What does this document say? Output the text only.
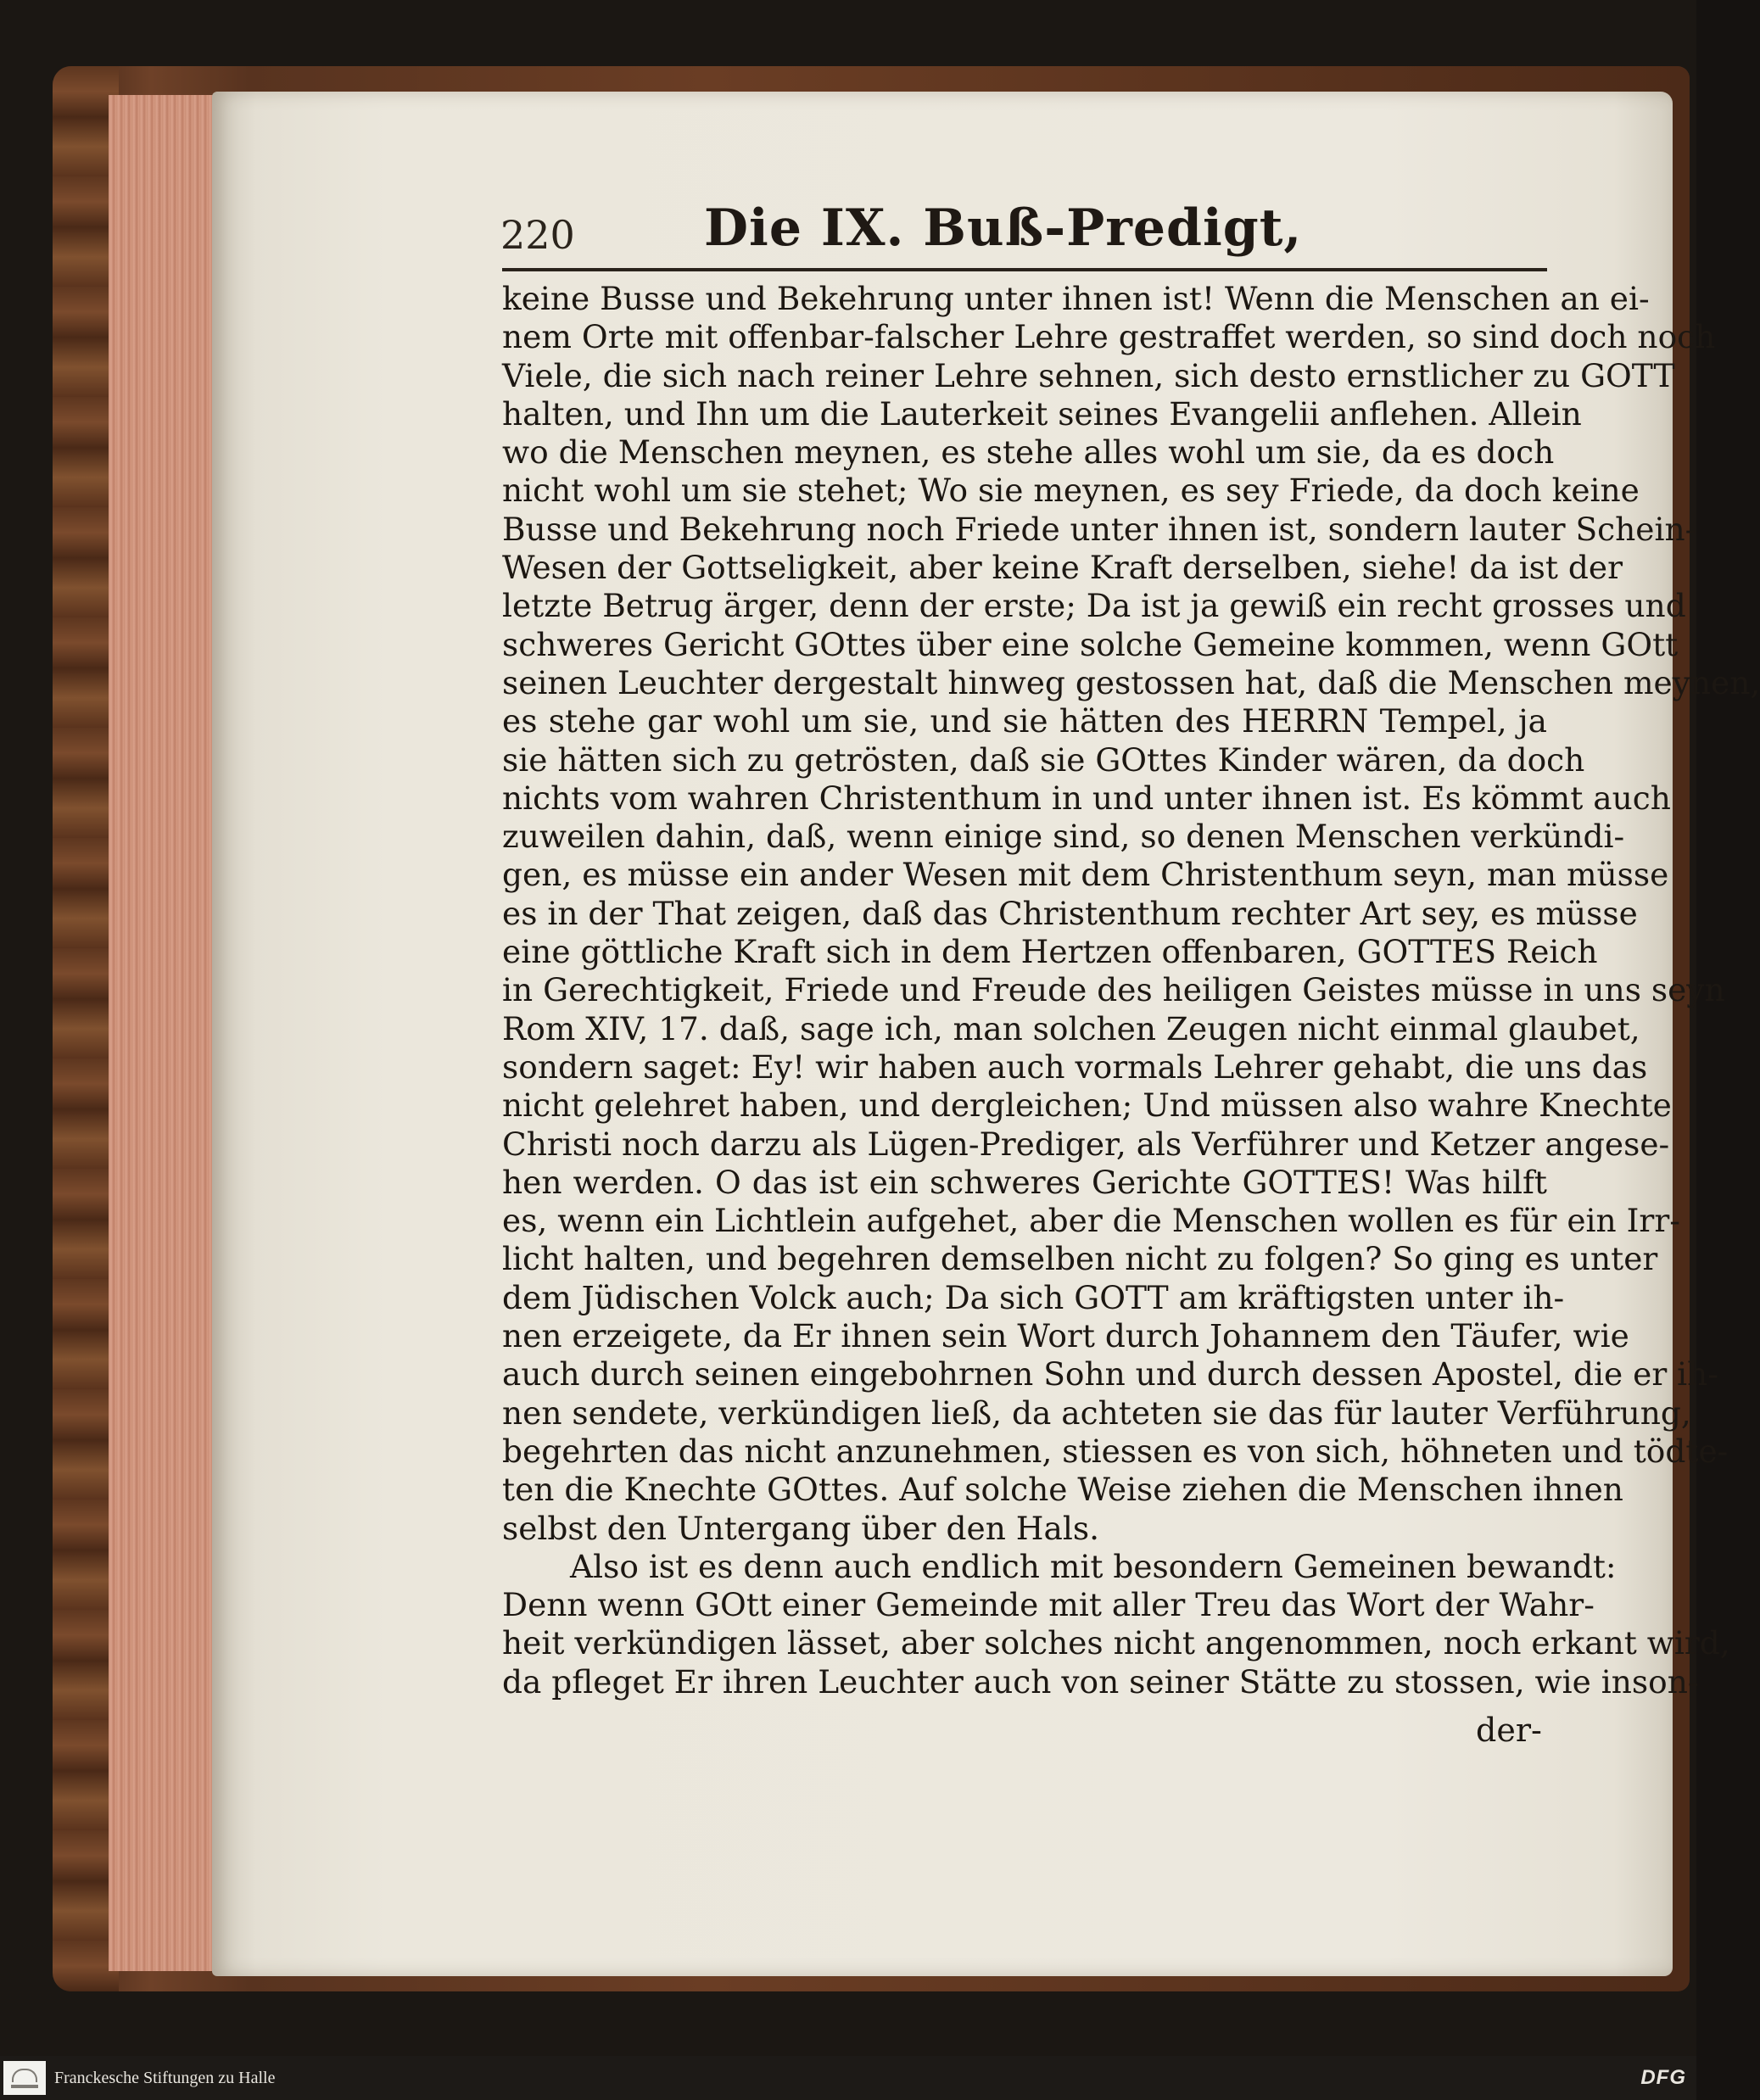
220	Die IX. Buß-Predigt,
keine Busse und Bekehrung unter ihnen ist! Wenn die Menschen an ei-
nem Orte mit offenbar-falscher Lehre gestraffet werden, so sind doch noch
Viele, die sich nach reiner Lehre sehnen, sich desto ernstlicher zu GOTT
halten, und Ihn um die Lauterkeit seines Evangelii anflehen. Allein
wo die Menschen meynen, es stehe alles wohl um sie, da es doch
nicht wohl um sie stehet; Wo sie meynen, es sey Friede, da doch keine
Busse und Bekehrung noch Friede unter ihnen ist, sondern lauter Schein-
Wesen der Gottseligkeit, aber keine Kraft derselben, siehe! da ist der
letzte Betrug ärger, denn der erste; Da ist ja gewiß ein recht grosses und
schweres Gericht GOttes über eine solche Gemeine kommen, wenn GOtt
seinen Leuchter dergestalt hinweg gestossen hat, daß die Menschen meynen,
es stehe gar wohl um sie, und sie hätten des HERRN Tempel, ja
sie hätten sich zu getrösten, daß sie GOttes Kinder wären, da doch
nichts vom wahren Christenthum in und unter ihnen ist. Es kömmt auch
zuweilen dahin, daß, wenn einige sind, so denen Menschen verkündi-
gen, es müsse ein ander Wesen mit dem Christenthum seyn, man müsse
es in der That zeigen, daß das Christenthum rechter Art sey, es müsse
eine göttliche Kraft sich in dem Hertzen offenbaren, GOTTES Reich
in Gerechtigkeit, Friede und Freude des heiligen Geistes müsse in uns seyn
Rom XIV, 17. daß, sage ich, man solchen Zeugen nicht einmal glaubet,
sondern saget: Ey! wir haben auch vormals Lehrer gehabt, die uns das
nicht gelehret haben, und dergleichen; Und müssen also wahre Knechte
Christi noch darzu als Lügen-Prediger, als Verführer und Ketzer angese-
hen werden. O das ist ein schweres Gerichte GOTTES! Was hilft
es, wenn ein Lichtlein aufgehet, aber die Menschen wollen es für ein Irr-
licht halten, und begehren demselben nicht zu folgen? So ging es unter
dem Jüdischen Volck auch; Da sich GOTT am kräftigsten unter ih-
nen erzeigete, da Er ihnen sein Wort durch Johannem den Täufer, wie
auch durch seinen eingebohrnen Sohn und durch dessen Apostel, die er ih-
nen sendete, verkündigen ließ, da achteten sie das für lauter Verführung,
begehrten das nicht anzunehmen, stiessen es von sich, höhneten und tödte-
ten die Knechte GOttes. Auf solche Weise ziehen die Menschen ihnen
selbst den Untergang über den Hals.
Also ist es denn auch endlich mit besondern Gemeinen bewandt:
Denn wenn GOtt einer Gemeinde mit aller Treu das Wort der Wahr-
heit verkündigen lässet, aber solches nicht angenommen, noch erkant wird,
da pfleget Er ihren Leuchter auch von seiner Stätte zu stossen, wie inson-
der-
Franckesche Stiftungen zu Halle	DFG
